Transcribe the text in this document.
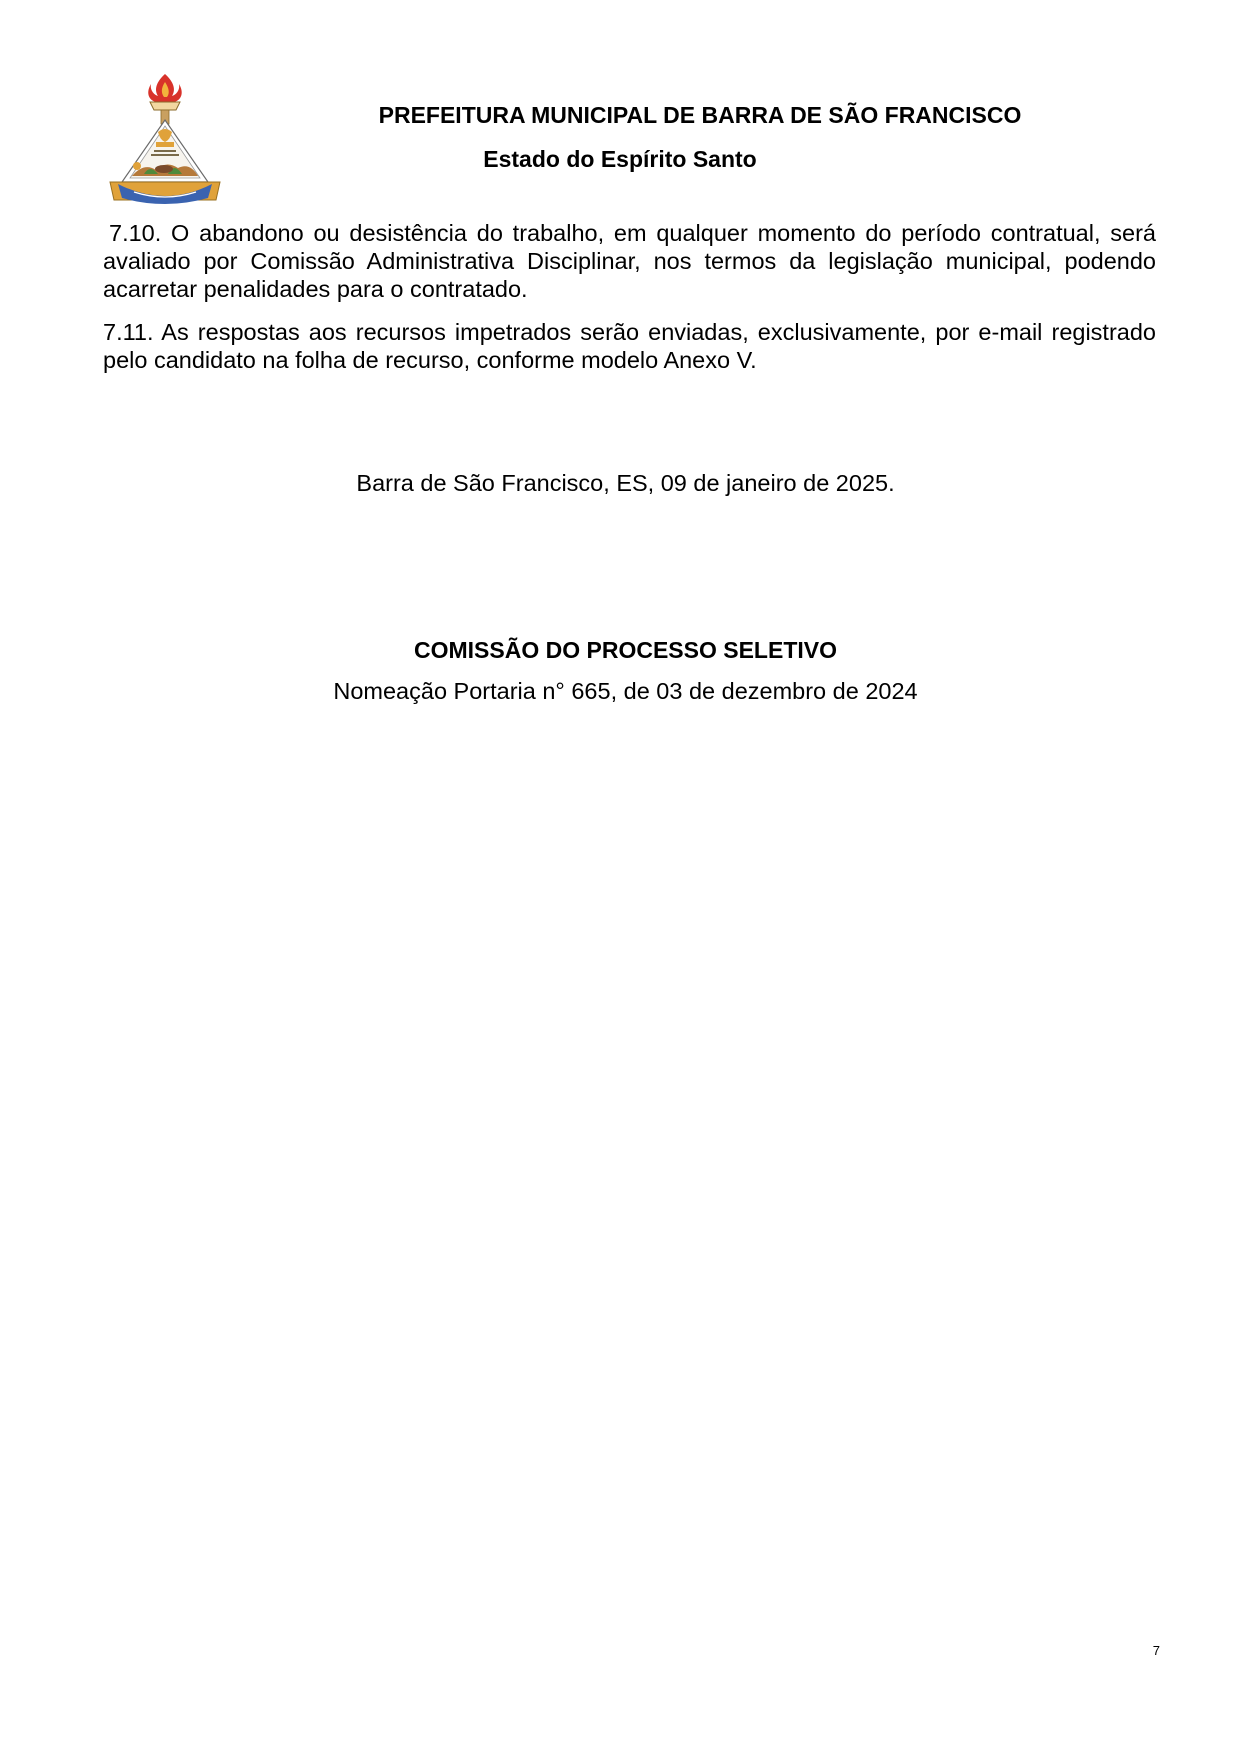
PREFEITURA MUNICIPAL DE BARRA DE SÃO FRANCISCO
Estado do Espírito Santo

7.10. O abandono ou desistência do trabalho, em qualquer momento do período contratual, será avaliado por Comissão Administrativa Disciplinar, nos termos da legislação municipal, podendo acarretar penalidades para o contratado.

7.11. As respostas aos recursos impetrados serão enviadas, exclusivamente, por e-mail registrado pelo candidato na folha de recurso, conforme modelo Anexo V.

Barra de São Francisco, ES, 09 de janeiro de 2025.
COMISSÃO DO PROCESSO SELETIVO
Nomeação Portaria n° 665, de 03 de dezembro de 2024
7
